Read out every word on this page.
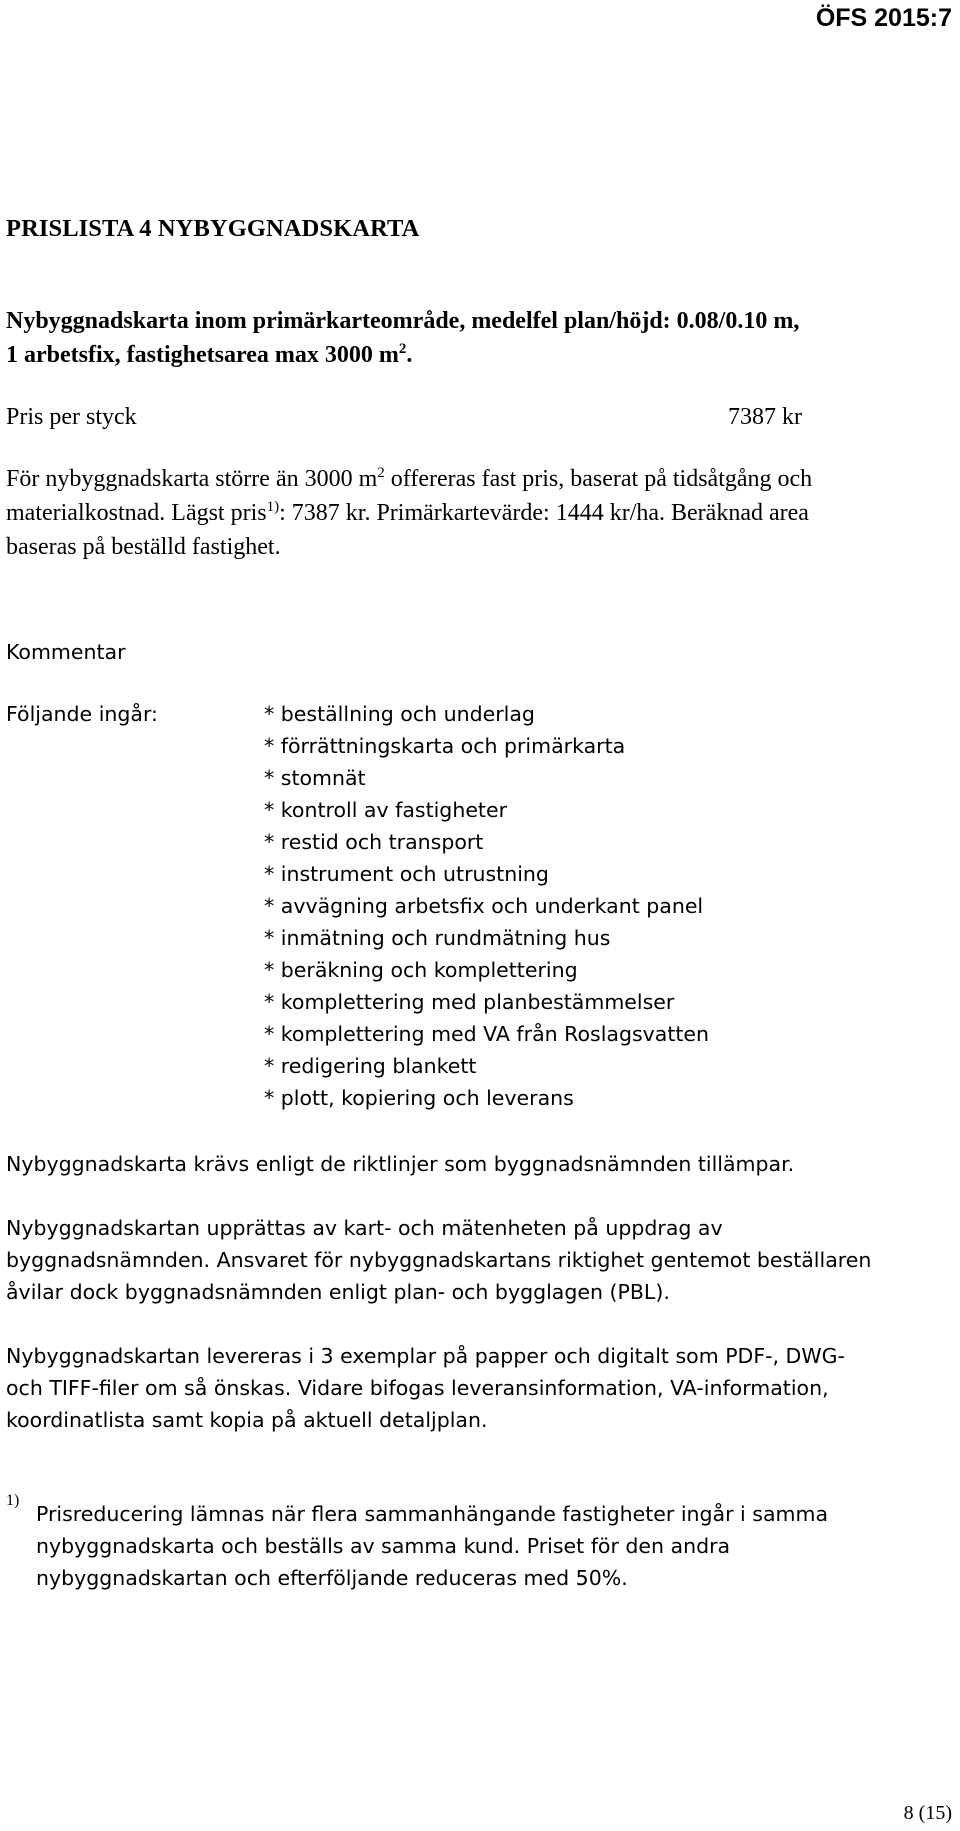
ÖFS 2015:7
PRISLISTA 4 NYBYGGNADSKARTA
Nybyggnadskarta inom primärkarteområde, medelfel plan/höjd: 0.08/0.10 m,
1 arbetsfix, fastighetsarea max 3000 $m^2$.
Pris per styck	7387 kr
För nybyggnadskarta större än 3000 $m^2$ offereras fast pris, baserat på tidsåtgång och
materialkostnad. Lägst pris$^{1)}$: 7387 kr. Primärkartevärde: 1444 kr/ha. Beräknad area
baseras på beställd fastighet.
Kommentar
Följande ingår:	* beställning och underlag
* förrättningskarta och primärkarta
* stomnät
* kontroll av fastigheter
* restid och transport
* instrument och utrustning
* avvägning arbetsfix och underkant panel
* inmätning och rundmätning hus
* beräkning och komplettering
* komplettering med planbestämmelser
* komplettering med VA från Roslagsvatten
* redigering blankett
* plott, kopiering och leverans
Nybyggnadskarta krävs enligt de riktlinjer som byggnadsnämnden tillämpar.
Nybyggnadskartan upprättas av kart- och mätenheten på uppdrag av
byggnadsnämnden. Ansvaret för nybyggnadskartans riktighet gentemot beställaren
åvilar dock byggnadsnämnden enligt plan- och bygglagen (PBL).
Nybyggnadskartan levereras i 3 exemplar på papper och digitalt som PDF-, DWG-
och TIFF-filer om så önskas. Vidare bifogas leveransinformation, VA-information,
koordinatlista samt kopia på aktuell detaljplan.
1)
Prisreducering lämnas när flera sammanhängande fastigheter ingår i samma
nybyggnadskarta och beställs av samma kund. Priset för den andra
nybyggnadskartan och efterföljande reduceras med 50%.
8 (15)
